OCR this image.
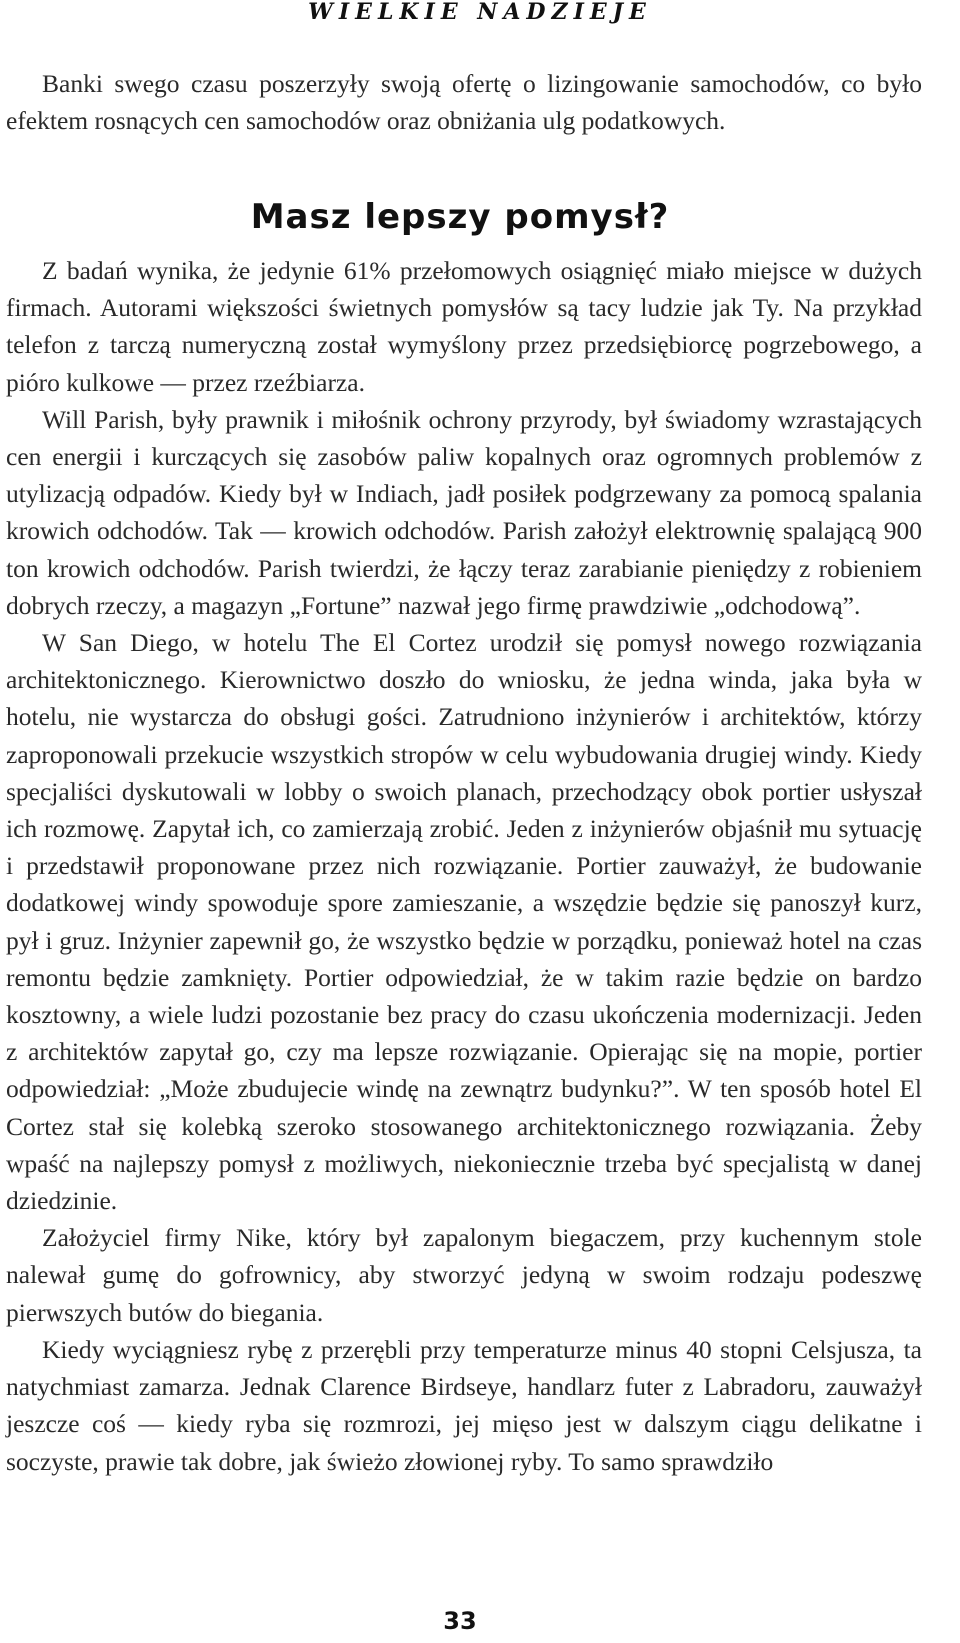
WIELKIE NADZIEJE

Banki swego czasu poszerzyły swoją ofertę o lizingowanie samochodów, co było efektem rosnących cen samochodów oraz obniżania ulg podatkowych.

Masz lepszy pomysł?

Z badań wynika, że jedynie 61% przełomowych osiągnięć miało miejsce w dużych firmach. Autorami większości świetnych pomysłów są tacy ludzie jak Ty. Na przykład telefon z tarczą numeryczną został wymyślony przez przedsiębiorcę pogrzebowego, a pióro kulkowe — przez rzeźbiarza.

Will Parish, były prawnik i miłośnik ochrony przyrody, był świadomy wzrastających cen energii i kurczących się zasobów paliw kopalnych oraz ogromnych problemów z utylizacją odpadów. Kiedy był w Indiach, jadł posiłek podgrzewany za pomocą spalania krowich odchodów. Tak — krowich odchodów. Parish założył elektrownię spalającą 900 ton krowich odchodów. Parish twierdzi, że łączy teraz zarabianie pieniędzy z robieniem dobrych rzeczy, a magazyn „Fortune” nazwał jego firmę prawdziwie „odchodową”.

W San Diego, w hotelu The El Cortez urodził się pomysł nowego rozwiązania architektonicznego. Kierownictwo doszło do wniosku, że jedna winda, jaka była w hotelu, nie wystarcza do obsługi gości. Zatrudniono inżynierów i architektów, którzy zaproponowali przekucie wszystkich stropów w celu wybudowania drugiej windy. Kiedy specjaliści dyskutowali w lobby o swoich planach, przechodzący obok portier usłyszał ich rozmowę. Zapytał ich, co zamierzają zrobić. Jeden z inżynierów objaśnił mu sytuację i przedstawił proponowane przez nich rozwiązanie. Portier zauważył, że budowanie dodatkowej windy spowoduje spore zamieszanie, a wszędzie będzie się panoszył kurz, pył i gruz. Inżynier zapewnił go, że wszystko będzie w porządku, ponieważ hotel na czas remontu będzie zamknięty. Portier odpowiedział, że w takim razie będzie on bardzo kosztowny, a wiele ludzi pozostanie bez pracy do czasu ukończenia modernizacji. Jeden z architektów zapytał go, czy ma lepsze rozwiązanie. Opierając się na mopie, portier odpowiedział: „Może zbudujecie windę na zewnątrz budynku?”. W ten sposób hotel El Cortez stał się kolebką szeroko stosowanego architektonicznego rozwiązania. Żeby wpaść na najlepszy pomysł z możliwych, niekoniecznie trzeba być specjalistą w danej dziedzinie.

Założyciel firmy Nike, który był zapalonym biegaczem, przy kuchennym stole nalewał gumę do gofrownicy, aby stworzyć jedyną w swoim rodzaju podeszwę pierwszych butów do biegania.

Kiedy wyciągniesz rybę z przerębli przy temperaturze minus 40 stopni Celsjusza, ta natychmiast zamarza. Jednak Clarence Birdseye, handlarz futer z Labradoru, zauważył jeszcze coś — kiedy ryba się rozmrozi, jej mięso jest w dalszym ciągu delikatne i soczyste, prawie tak dobre, jak świeżo złowionej ryby. To samo sprawdziło

33
